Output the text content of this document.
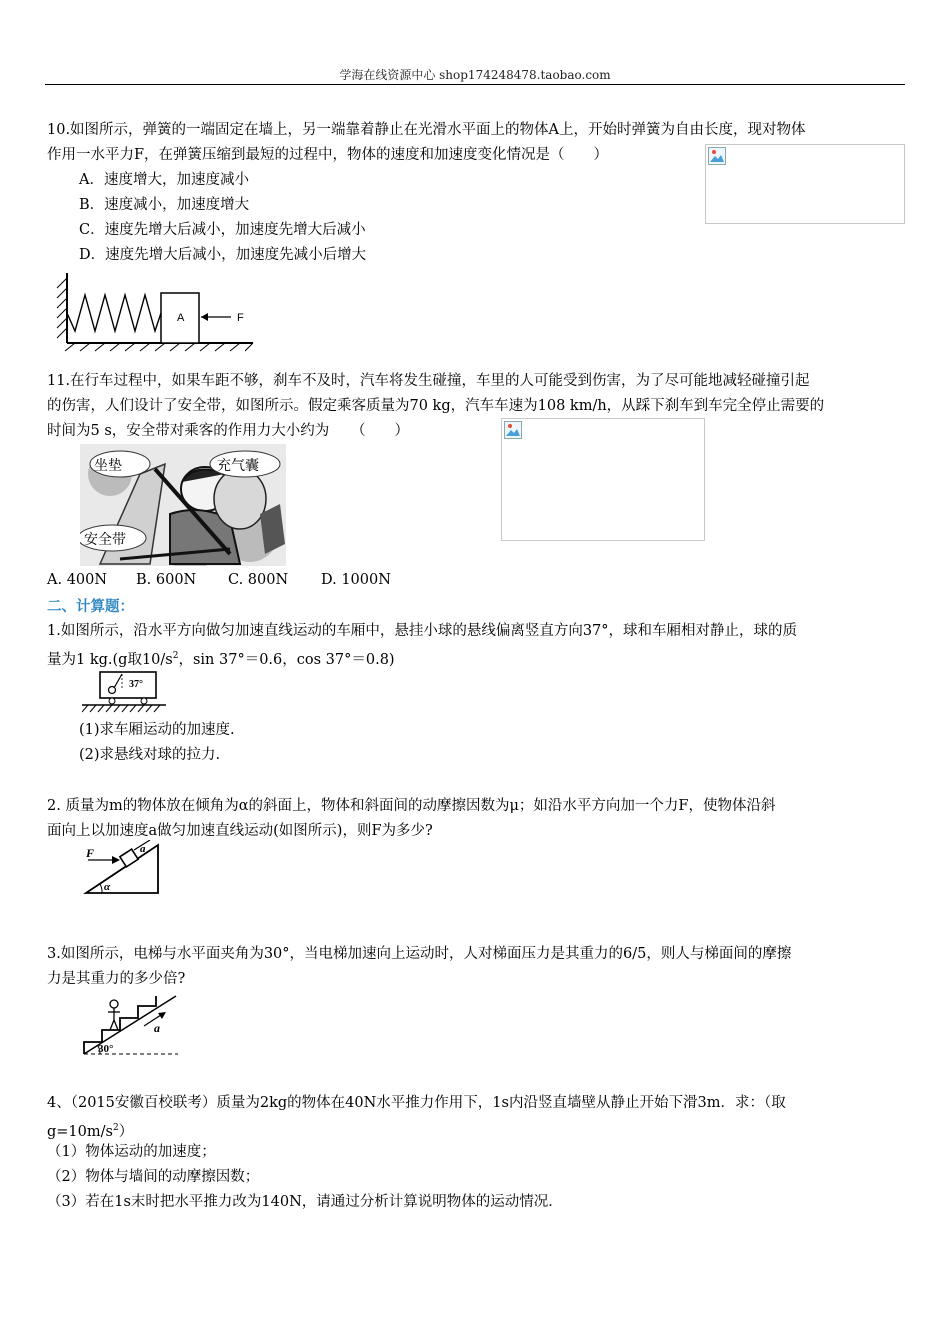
学海在线资源中心 shop174248478.taobao.com
10.如图所示，弹簧的一端固定在墙上，另一端靠着静止在光滑水平面上的物体A上，开始时弹簧为自由长度，现对物体
作用一水平力F，在弹簧压缩到最短的过程中，物体的速度和加速度变化情况是（　　）
A．速度增大，加速度减小
B．速度减小，加速度增大
C．速度先增大后减小，加速度先增大后减小
D．速度先增大后减小，加速度先减小后增大
A	F
11.在行车过程中，如果车距不够，刹车不及时，汽车将发生碰撞，车里的人可能受到伤害，为了尽可能地减轻碰撞引起
的伤害，人们设计了安全带，如图所示。假定乘客质量为70 kg，汽车车速为108 km/h，从踩下刹车到车完全停止需要的
时间为5 s，安全带对乘客的作用力大小约为　　（　　）
坐垫	充气囊
安全带
A. 400N B. 600N C. 800N D. 1000N
二、计算题：
1.如图所示，沿水平方向做匀加速直线运动的车厢中，悬挂小球的悬线偏离竖直方向37°，球和车厢相对静止，球的质
量为1 kg.(g取$10/s^2$，sin 37°＝0.6，cos 37°＝0.8)
37°
(1)求车厢运动的加速度.
(2)求悬线对球的拉力.
2. 质量为m的物体放在倾角为α的斜面上，物体和斜面间的动摩擦因数为μ；如沿水平方向加一个力F，使物体沿斜
面向上以加速度a做匀加速直线运动(如图所示)，则F为多少?
F	a
α
3.如图所示，电梯与水平面夹角为30°，当电梯加速向上运动时，人对梯面压力是其重力的6/5，则人与梯面间的摩擦
力是其重力的多少倍?
a
30°
4、（2015安徽百校联考）质量为2kg的物体在40N水平推力作用下，1s内沿竖直墙壁从静止开始下滑3m．求：（取
$g=10m/s^2$）
（1）物体运动的加速度；
（2）物体与墙间的动摩擦因数；
（3）若在1s末时把水平推力改为140N，请通过分析计算说明物体的运动情况．
